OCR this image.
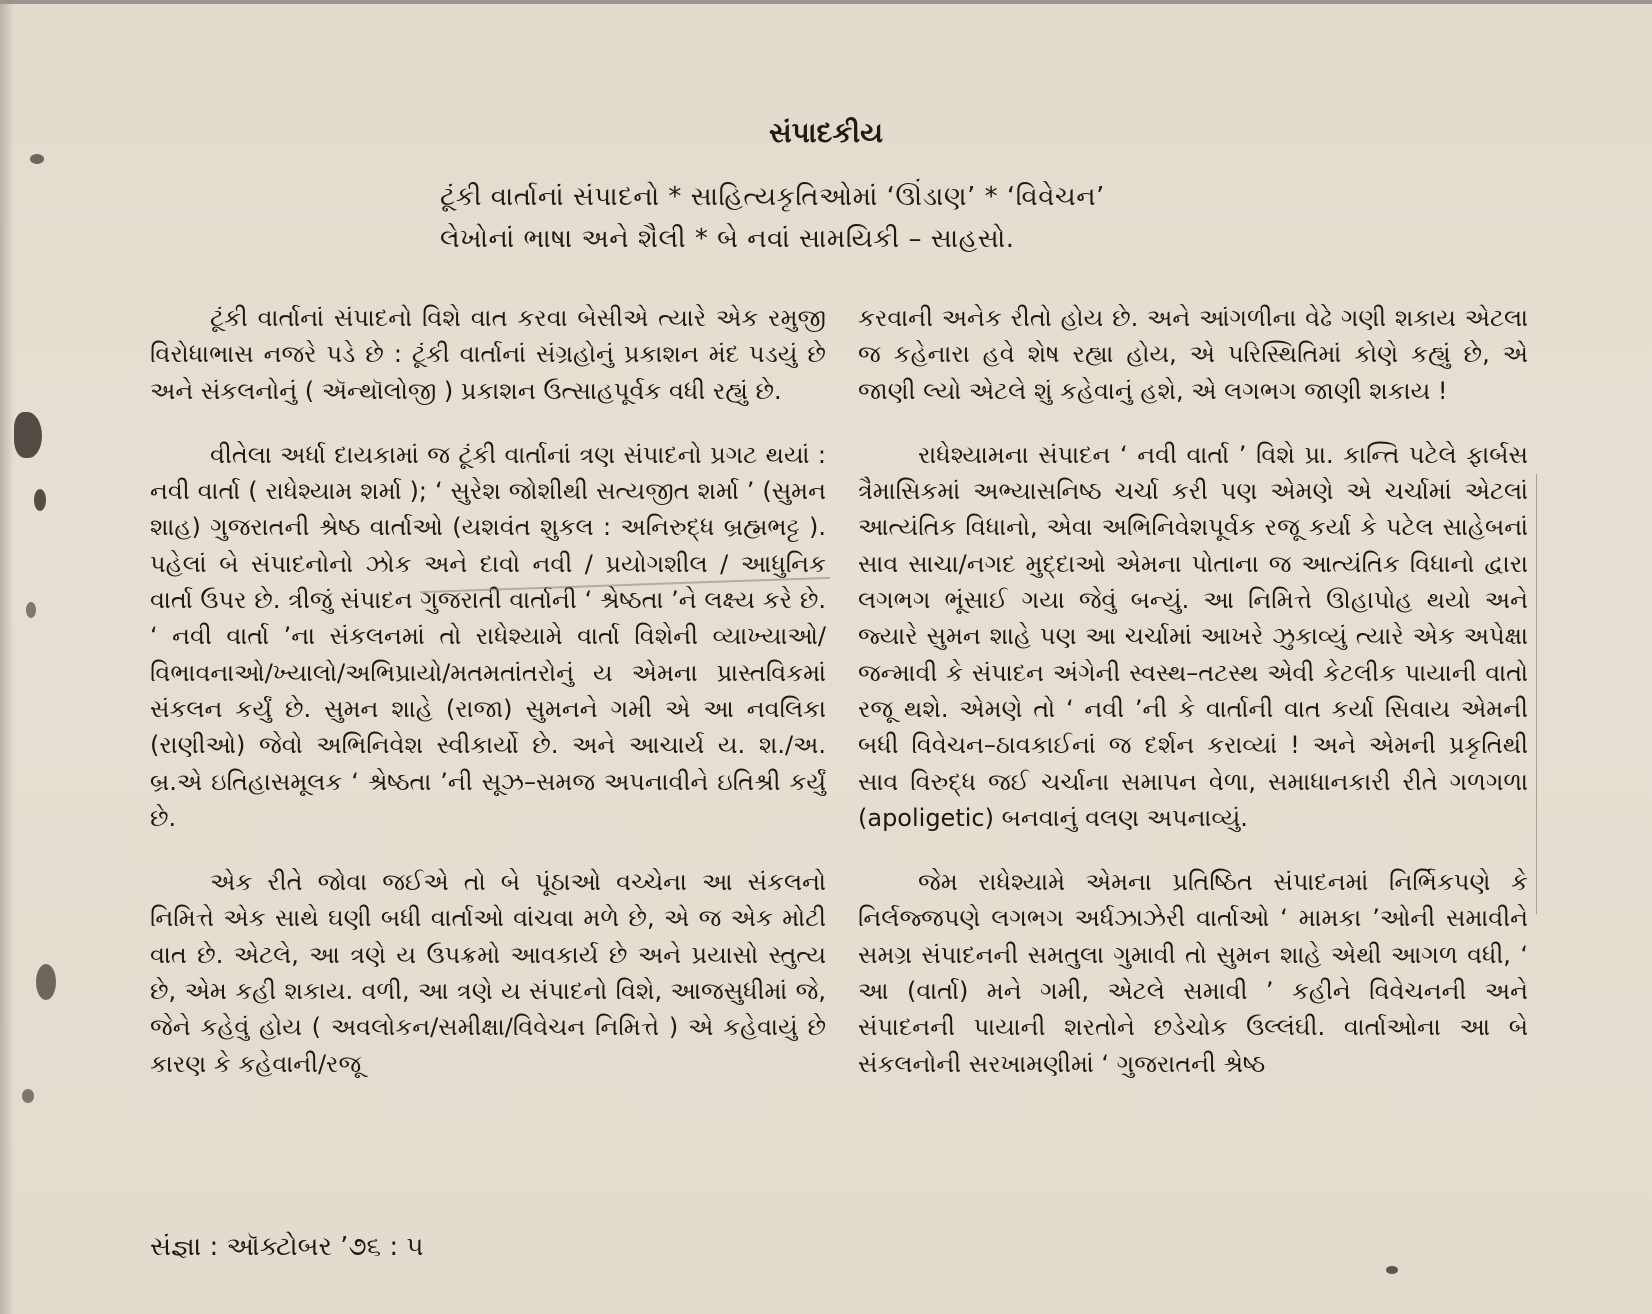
સંપાદકીય
ટૂંકી વાર્તાનાં સંપાદનો * સાહિત્યકૃતિઓમાં ‘ઊંડાણ’ * ‘વિવેચન’
લેખોનાં ભાષા અને શૈલી * બે નવાં સામયિકી – સાહસો.

ટૂંકી વાર્તાનાં સંપાદનો વિશે વાત કરવા બેસીએ ત્યારે એક રમુજી વિરોધાભાસ નજરે પડે છે : ટૂંકી વાર્તાનાં સંગ્રહોનું પ્રકાશન મંદ પડયું છે અને સંકલનોનું ( ઍન્થૉલોજી ) પ્રકાશન ઉત્સાહપૂર્વક વધી રહ્યું છે.

વીતેલા અર્ધા દાયકામાં જ ટૂંકી વાર્તાનાં ત્રણ સંપાદનો પ્રગટ થયાં : નવી વાર્તા ( રાધેશ્યામ શર્મા ); ‘ સુરેશ જોશીથી સત્યજીત શર્મા ’ (સુમન શાહ) ગુજરાતની શ્રેષ્ઠ વાર્તાઓ (યશવંત શુકલ : અનિરુદ્ધ બ્રહ્મભટ્ટ ). પહેલાં બે સંપાદનોનો ઝોક અને દાવો નવી / પ્રયોગશીલ / આધુનિક વાર્તા ઉપર છે. ત્રીજું સંપાદન ગુજરાતી વાર્તાની ‘ શ્રેષ્ઠતા ’ને લક્ષ્ય કરે છે. ‘ નવી વાર્તા ’ના સંકલનમાં તો રાધેશ્યામે વાર્તા વિશેની વ્યાખ્યાઓ/વિભાવનાઓ/ખ્યાલો/અભિપ્રાયો/મતમતાંતરોનું ય એમના પ્રાસ્તવિકમાં સંકલન કર્યું છે. સુમન શાહે (રાજા) સુમનને ગમી એ આ નવલિકા (રાણીઓ) જેવો અભિનિવેશ સ્વીકાર્યો છે. અને આચાર્ય ય. શ./અ. બ્ર.એ ઇતિહાસમૂલક ‘ શ્રેષ્ઠતા ’ની સૂઝ–સમજ અપનાવીને ઇતિશ્રી કર્યું છે.

એક રીતે જોવા જઈએ તો બે પૂંઠાઓ વચ્ચેના આ સંકલનો નિમિત્તે એક સાથે ઘણી બધી વાર્તાઓ વાંચવા મળે છે, એ જ એક મોટી વાત છે. એટલે, આ ત્રણે ય ઉપક્રમો આવકાર્ય છે અને પ્રયાસો સ્તુત્ય છે, એમ કહી શકાય. વળી, આ ત્રણે ય સંપાદનો વિશે, આજસુધીમાં જે, જેને કહેવું હોય ( અવલોકન/સમીક્ષા/વિવેચન નિમિત્તે ) એ કહેવાયું છે કારણ કે કહેવાની/રજૂ

કરવાની અનેક રીતો હોય છે. અને આંગળીના વેઢે ગણી શકાય એટલા જ કહેનારા હવે શેષ રહ્યા હોય, એ પરિસ્થિતિમાં કોણે કહ્યું છે, એ જાણી લ્યો એટલે શું કહેવાનું હશે, એ લગભગ જાણી શકાય !

રાધેશ્યામના સંપાદન ‘ નવી વાર્તા ’ વિશે પ્રા. કાન્તિ પટેલે ફાર્બસ ત્રૈમાસિકમાં અભ્યાસનિષ્ઠ ચર્ચા કરી પણ એમણે એ ચર્ચામાં એટલાં આત્યંતિક વિધાનો, એવા અભિનિવેશપૂર્વક રજૂ કર્યા કે પટેલ સાહેબનાં સાવ સાચા/નગદ મુદ્દાઓ એમના પોતાના જ આત્યંતિક વિધાનો દ્વારા લગભગ ભૂંસાઈ ગયા જેવું બન્યું. આ નિમિત્તે ઊહાપોહ થયો અને જ્યારે સુમન શાહે પણ આ ચર્ચામાં આખરે ઝુકાવ્યું ત્યારે એક અપેક્ષા જન્માવી કે સંપાદન અંગેની સ્વસ્થ–તટસ્થ એવી કેટલીક પાયાની વાતો રજૂ થશે. એમણે તો ‘ નવી ’ની કે વાર્તાની વાત કર્યા સિવાય એમની બધી વિવેચન–ઠાવકાઈનાં જ દર્શન કરાવ્યાં ! અને એમની પ્રકૃતિથી સાવ વિરુદ્ધ જઈ ચર્ચાના સમાપન વેળા, સમાધાનકારી રીતે ગળગળા (apoligetic) બનવાનું વલણ અપનાવ્યું.

જેમ રાધેશ્યામે એમના પ્રતિષ્ઠિત સંપાદનમાં નિર્ભિકપણે કે નિર્લજ્જપણે લગભગ અર્ધઝાઝેરી વાર્તાઓ ‘ મામકા ’ઓની સમાવીને સમગ્ર સંપાદનની સમતુલા ગુમાવી તો સુમન શાહે એથી આગળ વધી, ‘ આ (વાર્તા) મને ગમી, એટલે સમાવી ’ કહીને વિવેચનની અને સંપાદનની પાયાની શરતોને છડેચોક ઉલ્લંઘી. વાર્તાઓના આ બે સંકલનોની સરખામણીમાં ‘ ગુજરાતની શ્રેષ્ઠ

સંજ્ઞા : ઑક્ટોબર ’૭૬ : ૫
